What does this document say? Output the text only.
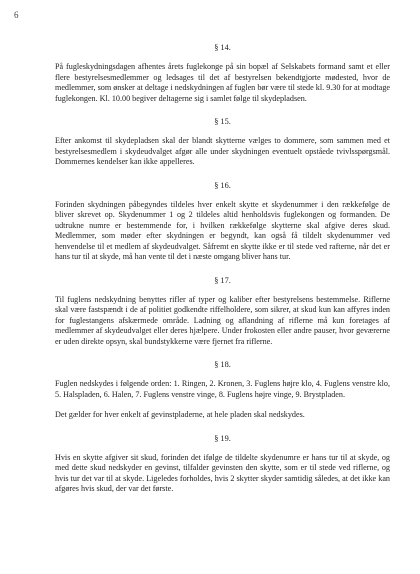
6

§ 14.

På fugleskydningsdagen afhentes årets fuglekonge på sin bopæl af Selskabets formand samt et eller flere bestyrelsesmedlemmer og ledsages til det af bestyrelsen bekendtgjorte mødested, hvor de medlemmer, som ønsker at deltage i nedskydningen af fuglen bør være til stede kl. 9.30 for at modtage fuglekongen. Kl. 10.00 begiver deltagerne sig i samlet følge til skydepladsen.

§ 15.

Efter ankomst til skydepladsen skal der blandt skytterne vælges to dommere, som sammen med et bestyrelsesmedlem i skydeudvalget afgør alle under skydningen eventuelt opståede tvivlsspørgsmål. Dommernes kendelser kan ikke appelleres.

§ 16.

Forinden skydningen påbegyndes tildeles hver enkelt skytte et skydenummer i den rækkefølge de bliver skrevet op. Skydenummer 1 og 2 tildeles altid henholdsvis fuglekongen og formanden. De udtrukne numre er bestemmende for, i hvilken rækkefølge skytterne skal afgive deres skud. Medlemmer, som møder efter skydningen er begyndt, kan også få tildelt skydenummer ved henvendelse til et medlem af skydeudvalget. Såfremt en skytte ikke er til stede ved rafterne, når det er hans tur til at skyde, må han vente til det i næste omgang bliver hans tur.

§ 17.

Til fuglens nedskydning benyttes rifler af typer og kaliber efter bestyrelsens bestemmelse. Riflerne skal være fastspændt i de af politiet godkendte riffelholdere, som sikrer, at skud kun kan affyres inden for fuglestangens afskærmede område. Ladning og aflandning af riflerne må kun foretages af medlemmer af skydeudvalget eller deres hjælpere. Under frokosten eller andre pauser, hvor geværerne er uden direkte opsyn, skal bundstykkerne være fjernet fra riflerne.

§ 18.

Fuglen nedskydes i følgende orden: 1. Ringen, 2. Kronen, 3. Fuglens højre klo, 4. Fuglens venstre klo, 5. Halspladen, 6. Halen, 7. Fuglens venstre vinge, 8. Fuglens højre vinge, 9. Brystpladen.

Det gælder for hver enkelt af gevinstpladerne, at hele pladen skal nedskydes.

§ 19.

Hvis en skytte afgiver sit skud, forinden det ifølge de tildelte skydenumre er hans tur til at skyde, og med dette skud nedskyder en gevinst, tilfalder gevinsten den skytte, som er til stede ved riflerne, og hvis tur det var til at skyde. Ligeledes forholdes, hvis 2 skytter skyder samtidig således, at det ikke kan afgøres hvis skud, der var det første.
